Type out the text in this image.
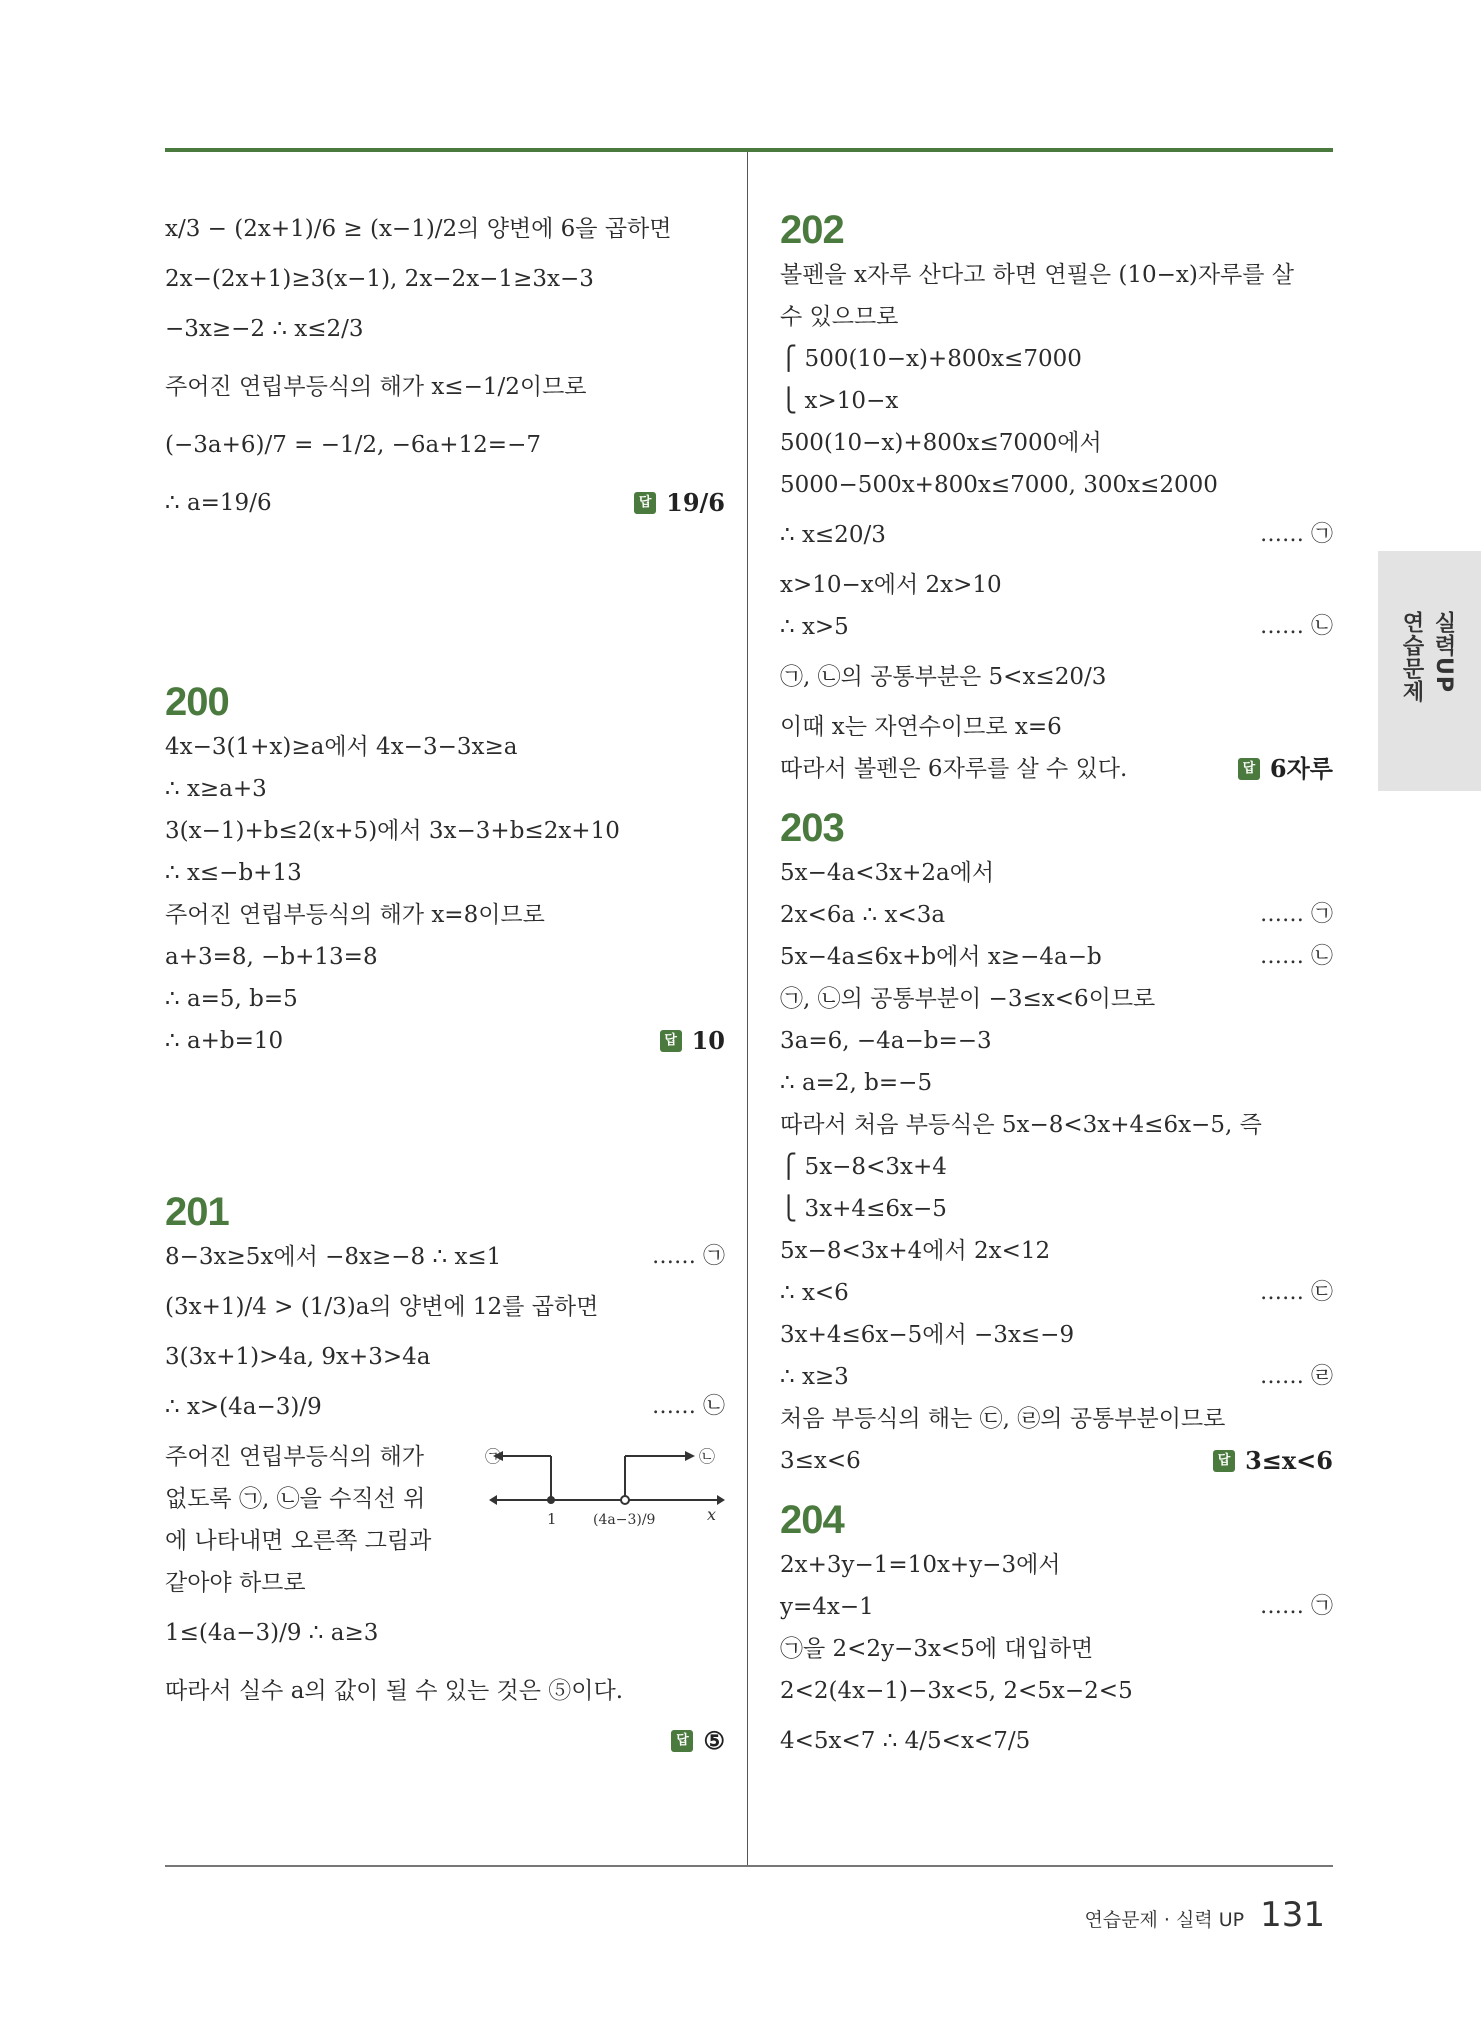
x/3 − (2x+1)/6 ≥ (x−1)/2의 양변에 6을 곱하면
2x−(2x+1)≥3(x−1), 2x−2x−1≥3x−3
−3x≥−2 ∴ x≤2/3
주어진 연립부등식의 해가 x≤−1/2이므로
(−3a+6)/7 = −1/2, −6a+12=−7
∴ a=19/6	답 19/6
200
4x−3(1+x)≥a에서 4x−3−3x≥a
∴ x≥a+3
3(x−1)+b≤2(x+5)에서 3x−3+b≤2x+10
∴ x≤−b+13
주어진 연립부등식의 해가 x=8이므로
a+3=8, −b+13=8
∴ a=5, b=5
∴ a+b=10	답 10
201
8−3x≥5x에서 −8x≥−8 ∴ x≤1	…… ㉠
(3x+1)/4 > (1/3)a의 양변에 12를 곱하면
3(3x+1)>4a, 9x+3>4a
∴ x>(4a−3)/9	…… ㉡
주어진 연립부등식의 해가
없도록 ㉠, ㉡을 수직선 위
에 나타내면 오른쪽 그림과
같아야 하므로
㉠	㉡
1	(4a−3)/9	x
1≤(4a−3)/9 ∴ a≥3
따라서 실수 a의 값이 될 수 있는 것은 ⑤이다.
답 ⑤
202
볼펜을 x자루 산다고 하면 연필은 (10−x)자루를 살
수 있으므로
⎧ 500(10−x)+800x≤7000
⎩ x>10−x
500(10−x)+800x≤7000에서
5000−500x+800x≤7000, 300x≤2000
∴ x≤20/3	…… ㉠
x>10−x에서 2x>10
∴ x>5	…… ㉡
㉠, ㉡의 공통부분은 5<x≤20/3
이때 x는 자연수이므로 x=6
따라서 볼펜은 6자루를 살 수 있다.	답 6자루
203
5x−4a<3x+2a에서
2x<6a ∴ x<3a	…… ㉠
5x−4a≤6x+b에서 x≥−4a−b	…… ㉡
㉠, ㉡의 공통부분이 −3≤x<6이므로
3a=6, −4a−b=−3
∴ a=2, b=−5
따라서 처음 부등식은 5x−8<3x+4≤6x−5, 즉
⎧ 5x−8<3x+4
⎩ 3x+4≤6x−5
5x−8<3x+4에서 2x<12
∴ x<6	…… ㉢
3x+4≤6x−5에서 −3x≤−9
∴ x≥3	…… ㉣
처음 부등식의 해는 ㉢, ㉣의 공통부분이므로
3≤x<6	답 3≤x<6
204
2x+3y−1=10x+y−3에서
y=4x−1	…… ㉠
㉠을 2<2y−3x<5에 대입하면
2<2(4x−1)−3x<5, 2<5x−2<5
4<5x<7 ∴ 4/5<x<7/5
실력UP
연습문제
연습문제 · 실력 UP 131
